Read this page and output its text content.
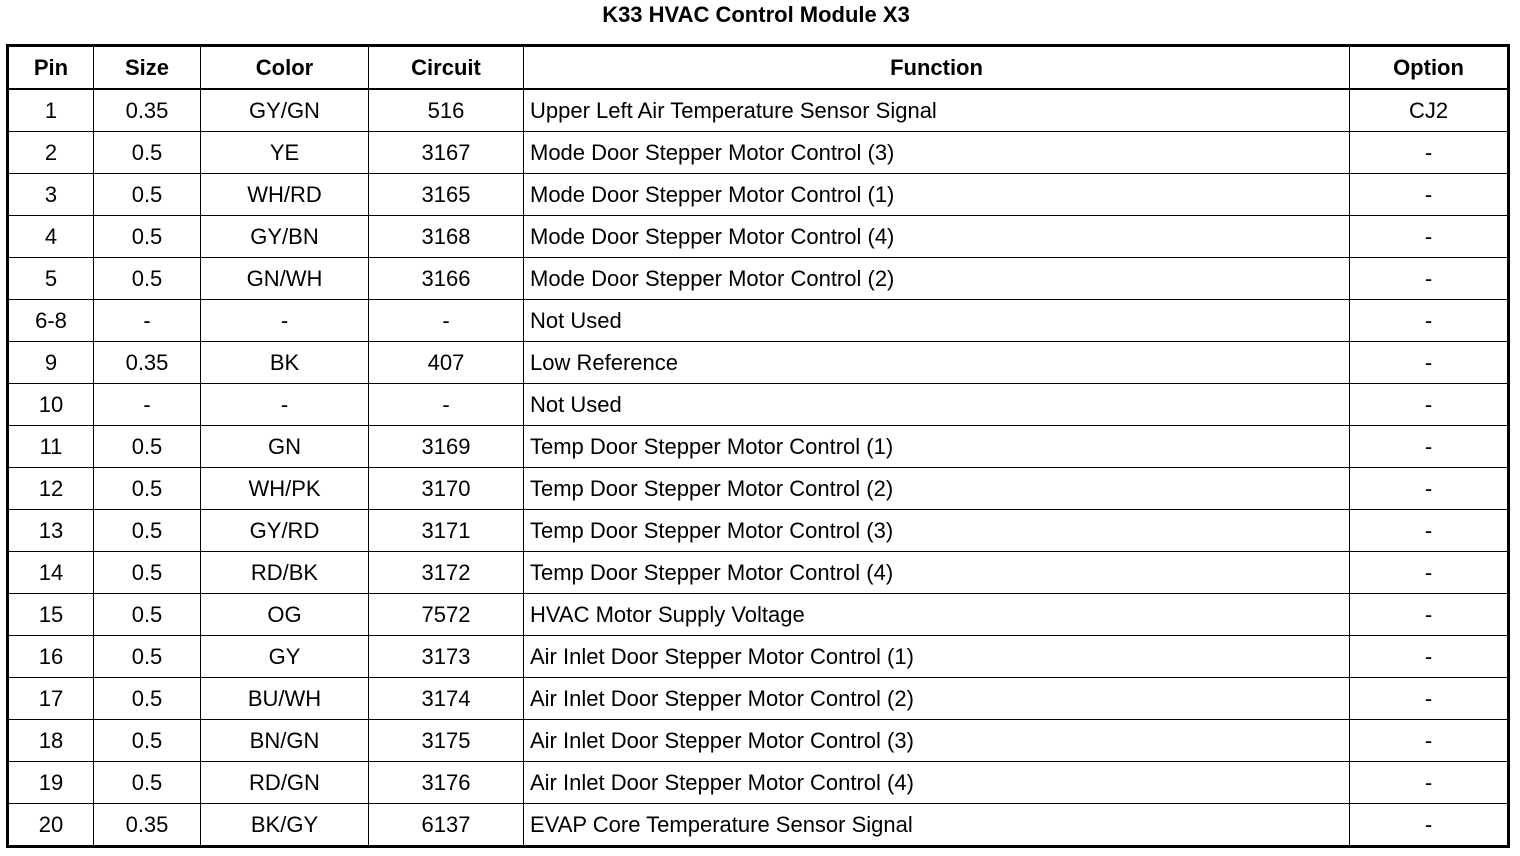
K33 HVAC Control Module X3
Pin	Size	Color	Circuit	Function	Option
1	0.35	GY/GN	516	Upper Left Air Temperature Sensor Signal	CJ2
2	0.5	YE	3167	Mode Door Stepper Motor Control (3)	-
3	0.5	WH/RD	3165	Mode Door Stepper Motor Control (1)	-
4	0.5	GY/BN	3168	Mode Door Stepper Motor Control (4)	-
5	0.5	GN/WH	3166	Mode Door Stepper Motor Control (2)	-
6-8	-	-	-	Not Used	-
9	0.35	BK	407	Low Reference	-
10	-	-	-	Not Used	-
11	0.5	GN	3169	Temp Door Stepper Motor Control (1)	-
12	0.5	WH/PK	3170	Temp Door Stepper Motor Control (2)	-
13	0.5	GY/RD	3171	Temp Door Stepper Motor Control (3)	-
14	0.5	RD/BK	3172	Temp Door Stepper Motor Control (4)	-
15	0.5	OG	7572	HVAC Motor Supply Voltage	-
16	0.5	GY	3173	Air Inlet Door Stepper Motor Control (1)	-
17	0.5	BU/WH	3174	Air Inlet Door Stepper Motor Control (2)	-
18	0.5	BN/GN	3175	Air Inlet Door Stepper Motor Control (3)	-
19	0.5	RD/GN	3176	Air Inlet Door Stepper Motor Control (4)	-
20	0.35	BK/GY	6137	EVAP Core Temperature Sensor Signal	-
